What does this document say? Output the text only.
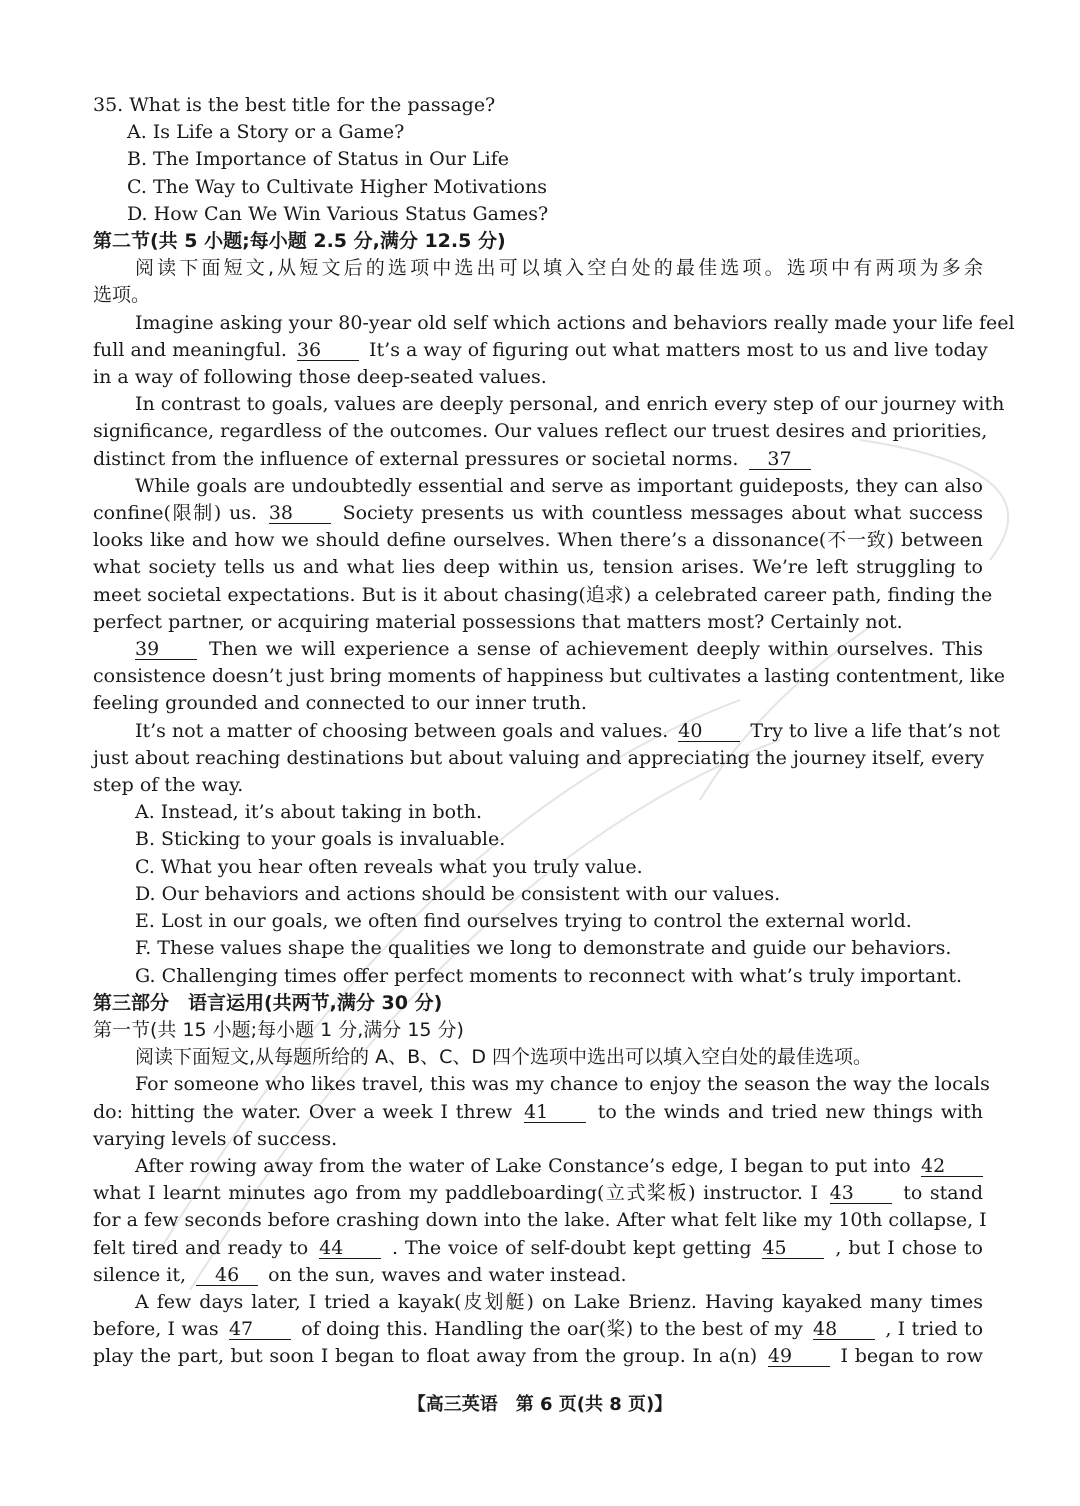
35. What is the best title for the passage?
A. Is Life a Story or a Game?
B. The Importance of Status in Our Life
C. The Way to Cultivate Higher Motivations
D. How Can We Win Various Status Games?
第二节(共 5 小题;每小题 2.5 分,满分 12.5 分)
阅读下面短文,从短文后的选项中选出可以填入空白处的最佳选项。选项中有两项为多余
选项。
Imagine asking your 80-year old self which actions and behaviors really made your life feel
full and meaningful. 36	It’s a way of figuring out what matters most to us and live today
in a way of following those deep-seated values.
In contrast to goals, values are deeply personal, and enrich every step of our journey with
significance, regardless of the outcomes. Our values reflect our truest desires and priorities,
distinct from the influence of external pressures or societal norms. 37
While goals are undoubtedly essential and serve as important guideposts, they can also
confine(限制) us. 38	Society presents us with countless messages about what success
looks like and how we should define ourselves. When there’s a dissonance(不一致) between
what society tells us and what lies deep within us, tension arises. We’re left struggling to
meet societal expectations. But is it about chasing(追求) a celebrated career path, finding the
perfect partner, or acquiring material possessions that matters most? Certainly not.
39	Then we will experience a sense of achievement deeply within ourselves. This
consistence doesn’t just bring moments of happiness but cultivates a lasting contentment, like
feeling grounded and connected to our inner truth.
It’s not a matter of choosing between goals and values. 40	Try to live a life that’s not
just about reaching destinations but about valuing and appreciating the journey itself, every
step of the way.
A. Instead, it’s about taking in both.
B. Sticking to your goals is invaluable.
C. What you hear often reveals what you truly value.
D. Our behaviors and actions should be consistent with our values.
E. Lost in our goals, we often find ourselves trying to control the external world.
F. These values shape the qualities we long to demonstrate and guide our behaviors.
G. Challenging times offer perfect moments to reconnect with what’s truly important.
第三部分　语言运用(共两节,满分 30 分)
第一节(共 15 小题;每小题 1 分,满分 15 分)
阅读下面短文,从每题所给的 A、B、C、D 四个选项中选出可以填入空白处的最佳选项。
For someone who likes travel, this was my chance to enjoy the season the way the locals
do: hitting the water. Over a week I threw 41	to the winds and tried new things with
varying levels of success.
After rowing away from the water of Lake Constance’s edge, I began to put into 42
what I learnt minutes ago from my paddleboarding(立式桨板) instructor. I 43	to stand
for a few seconds before crashing down into the lake. After what felt like my 10th collapse, I
felt tired and ready to 44	. The voice of self-doubt kept getting 45	, but I chose to
silence it, 46 on the sun, waves and water instead.
A few days later, I tried a kayak(皮划艇) on Lake Brienz. Having kayaked many times
before, I was 47	of doing this. Handling the oar(桨) to the best of my 48	, I tried to
play the part, but soon I began to float away from the group. In a(n) 49	I began to row
【高三英语　第 6 页(共 8 页)】
